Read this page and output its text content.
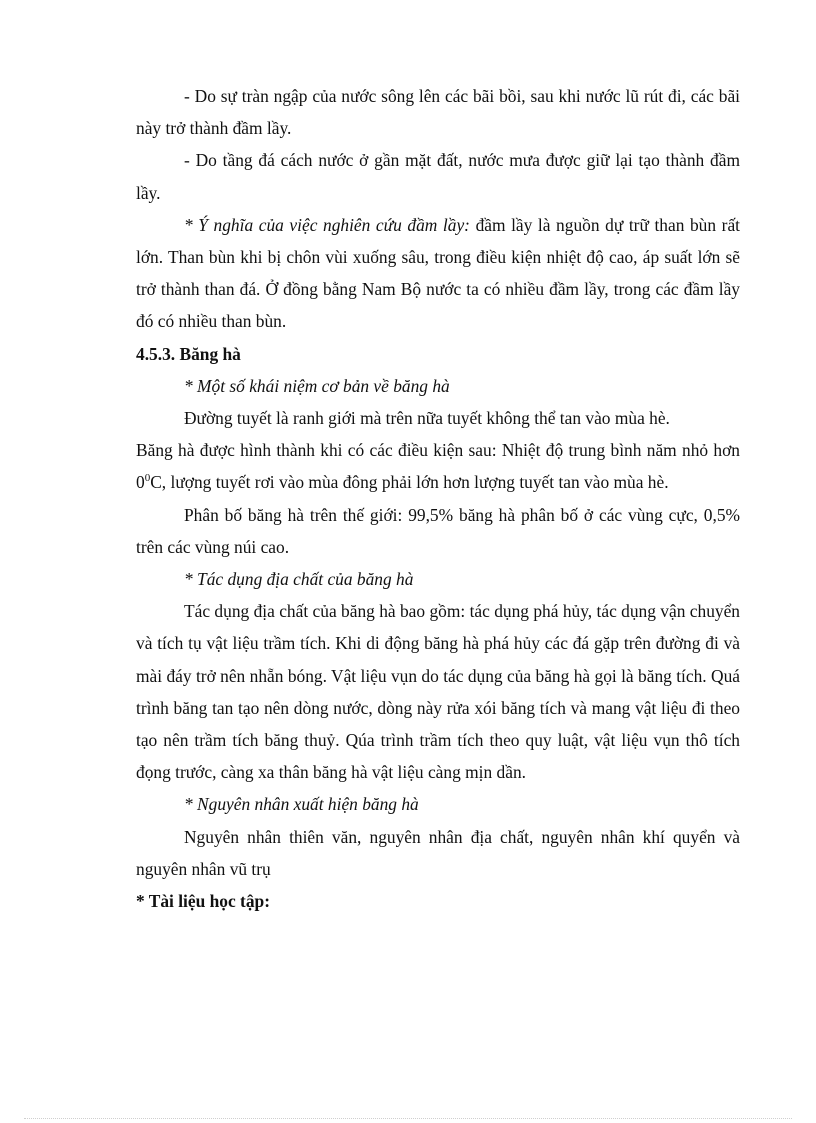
- Do sự tràn ngập của nước sông lên các bãi bồi, sau khi nước lũ rút đi, các bãi này trở thành đầm lầy.

- Do tầng đá cách nước ở gần mặt đất, nước mưa được giữ lại tạo thành đầm lầy.

* Ý nghĩa của việc nghiên cứu đầm lầy: đầm lầy là nguồn dự trữ than bùn rất lớn. Than bùn khi bị chôn vùi xuống sâu, trong điều kiện nhiệt độ cao, áp suất lớn sẽ trở thành than đá. Ở đồng bằng Nam Bộ nước ta có nhiều đầm lầy, trong các đầm lầy đó có nhiều than bùn.

4.5.3. Băng hà

* Một số khái niệm cơ bản về băng hà

Đường tuyết là ranh giới mà trên nữa tuyết không thể tan vào mùa hè.

Băng hà được hình thành khi có các điều kiện sau: Nhiệt độ trung bình năm nhỏ hơn $0^0C$, lượng tuyết rơi vào mùa đông phải lớn hơn lượng tuyết tan vào mùa hè.

Phân bố băng hà trên thế giới: 99,5% băng hà phân bố ở các vùng cực, 0,5% trên các vùng núi cao.

* Tác dụng địa chất của băng hà

Tác dụng địa chất của băng hà bao gồm: tác dụng phá hủy, tác dụng vận chuyển và tích tụ vật liệu trầm tích. Khi di động băng hà phá hủy các đá gặp trên đường đi và mài đáy trở nên nhẵn bóng. Vật liệu vụn do tác dụng của băng hà gọi là băng tích. Quá trình băng tan tạo nên dòng nước, dòng này rửa xói băng tích và mang vật liệu đi theo tạo nên trầm tích băng thuỷ. Qúa trình trầm tích theo quy luật, vật liệu vụn thô tích đọng trước, càng xa thân băng hà vật liệu càng mịn dần.

* Nguyên nhân xuất hiện băng hà

Nguyên nhân thiên văn, nguyên nhân địa chất, nguyên nhân khí quyển và nguyên nhân vũ trụ

* Tài liệu học tập:
